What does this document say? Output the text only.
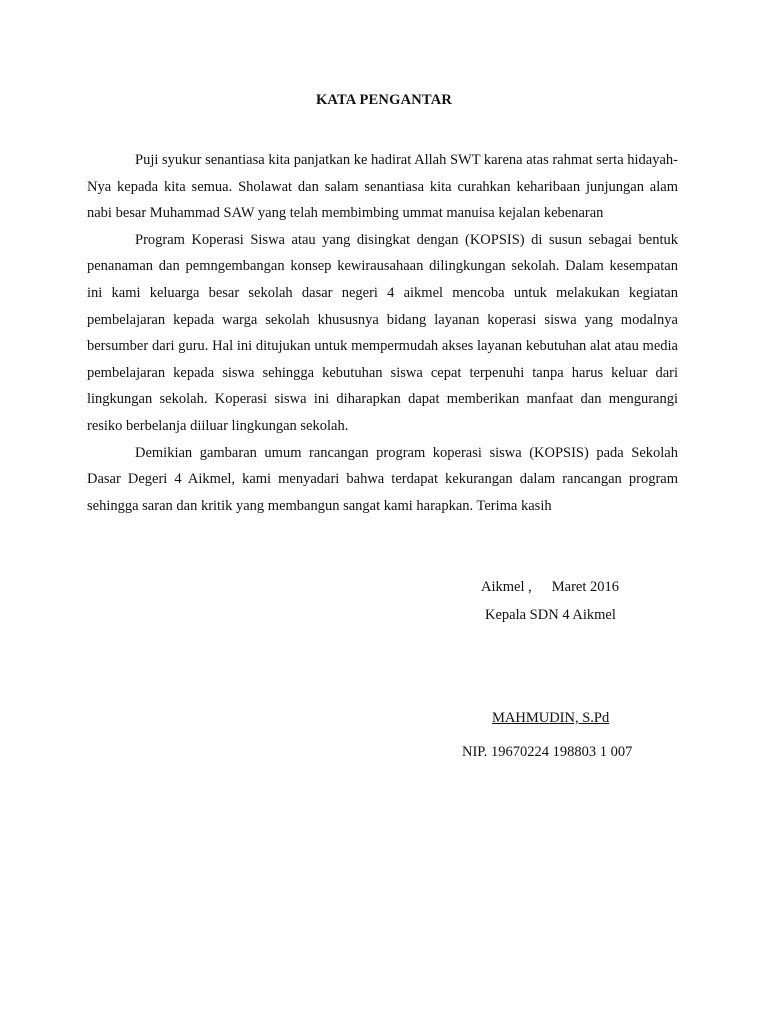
KATA PENGANTAR

Puji syukur senantiasa kita panjatkan ke hadirat Allah SWT karena atas rahmat serta hidayah-Nya kepada kita semua. Sholawat dan salam senantiasa kita curahkan keharibaan junjungan alam nabi besar Muhammad SAW yang telah membimbing ummat manuisa kejalan kebenaran

Program Koperasi Siswa atau yang disingkat dengan (KOPSIS) di susun sebagai bentuk penanaman dan pemngembangan konsep kewirausahaan dilingkungan sekolah. Dalam kesempatan ini kami keluarga besar sekolah dasar negeri 4 aikmel mencoba untuk melakukan kegiatan pembelajaran kepada warga sekolah khususnya bidang layanan koperasi siswa yang modalnya bersumber dari guru. Hal ini ditujukan untuk mempermudah akses layanan kebutuhan alat atau media pembelajaran kepada siswa sehingga kebutuhan siswa cepat terpenuhi tanpa harus keluar dari lingkungan sekolah. Koperasi siswa ini diharapkan dapat memberikan manfaat dan mengurangi resiko berbelanja diiluar lingkungan sekolah.

Demikian gambaran umum rancangan program koperasi siswa (KOPSIS) pada Sekolah Dasar Degeri 4 Aikmel, kami menyadari bahwa terdapat kekurangan dalam rancangan program sehingga saran dan kritik yang membangun sangat kami harapkan. Terima kasih

Aikmel , Maret 2016
Kepala SDN 4 Aikmel
MAHMUDIN, S.Pd
NIP. 19670224 198803 1 007
